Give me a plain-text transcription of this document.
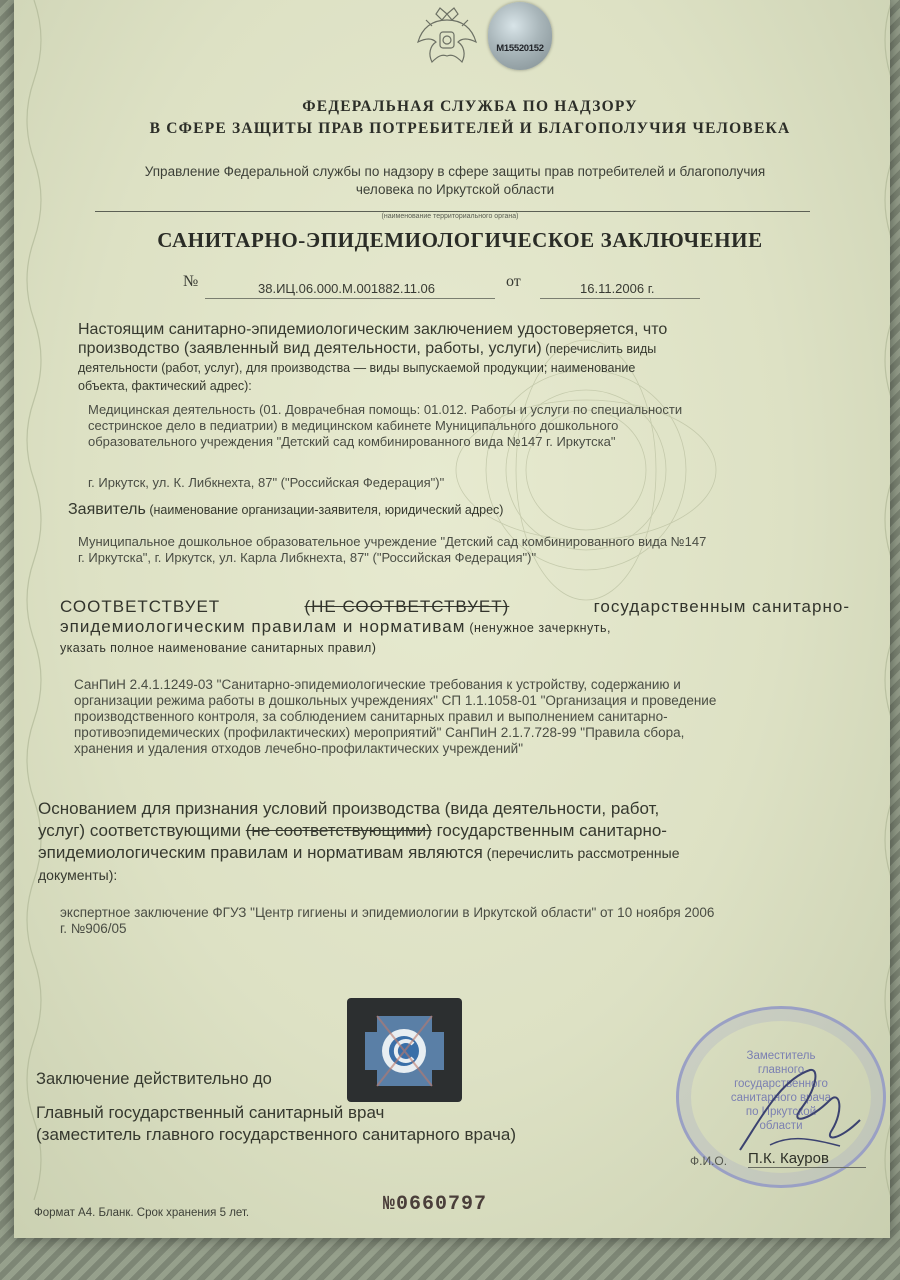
M15520152
ФЕДЕРАЛЬНАЯ СЛУЖБА ПО НАДЗОРУ
В СФЕРЕ ЗАЩИТЫ ПРАВ ПОТРЕБИТЕЛЕЙ И БЛАГОПОЛУЧИЯ ЧЕЛОВЕКА
Управление Федеральной службы по надзору в сфере защиты прав потребителей и благополучия
человека по Иркутской области
(наименование территориального органа)
САНИТАРНО-ЭПИДЕМИОЛОГИЧЕСКОЕ ЗАКЛЮЧЕНИЕ
№	38.ИЦ.06.000.М.001882.11.06	от	16.11.2006 г.
Настоящим санитарно-эпидемиологическим заключением удостоверяется, что
производство (заявленный вид деятельности, работы, услуги) (перечислить виды
деятельности (работ, услуг), для производства — виды выпускаемой продукции; наименование
объекта, фактический адрес):
Медицинская деятельность (01. Доврачебная помощь: 01.012. Работы и услуги по специальности
сестринское дело в педиатрии) в медицинском кабинете Муниципального дошкольного
образовательного учреждения "Детский сад комбинированного вида №147 г. Иркутска"
г. Иркутск, ул. К. Либкнехта, 87" ("Российская Федерация")"
Заявитель (наименование организации-заявителя, юридический адрес)
Муниципальное дошкольное образовательное учреждение "Детский сад комбинированного вида №147
г. Иркутска", г. Иркутск, ул. Карла Либкнехта, 87" ("Российская Федерация")"
СООТВЕТСТВУЕТ	(НЕ СООТВЕТСТВУЕТ)	государственным санитарно-
эпидемиологическим правилам и нормативам (ненужное зачеркнуть,
указать полное наименование санитарных правил)
СанПиН 2.4.1.1249-03 "Санитарно-эпидемиологические требования к устройству, содержанию и
организации режима работы в дошкольных учреждениях" СП 1.1.1058-01 "Организация и проведение
производственного контроля, за соблюдением санитарных правил и выполнением санитарно-
противоэпидемических (профилактических) мероприятий" СанПиН 2.1.7.728-99 "Правила сбора,
хранения и удаления отходов лечебно-профилактических учреждений"
Основанием для признания условий производства (вида деятельности, работ,
услуг) соответствующими (не соответствующими) государственным санитарно-
эпидемиологическим правилам и нормативам являются (перечислить рассмотренные
документы):
экспертное заключение ФГУЗ "Центр гигиены и эпидемиологии в Иркутской области" от 10 ноября 2006
г. №906/05
Заключение действительно до
Главный государственный санитарный врач
(заместитель главного государственного санитарного врача)
Заместитель
главного
государственного
санитарного врача
по Иркутской
области
Ф.И.О. П.К. Кауров
Формат А4. Бланк. Срок хранения 5 лет.	№0660797
